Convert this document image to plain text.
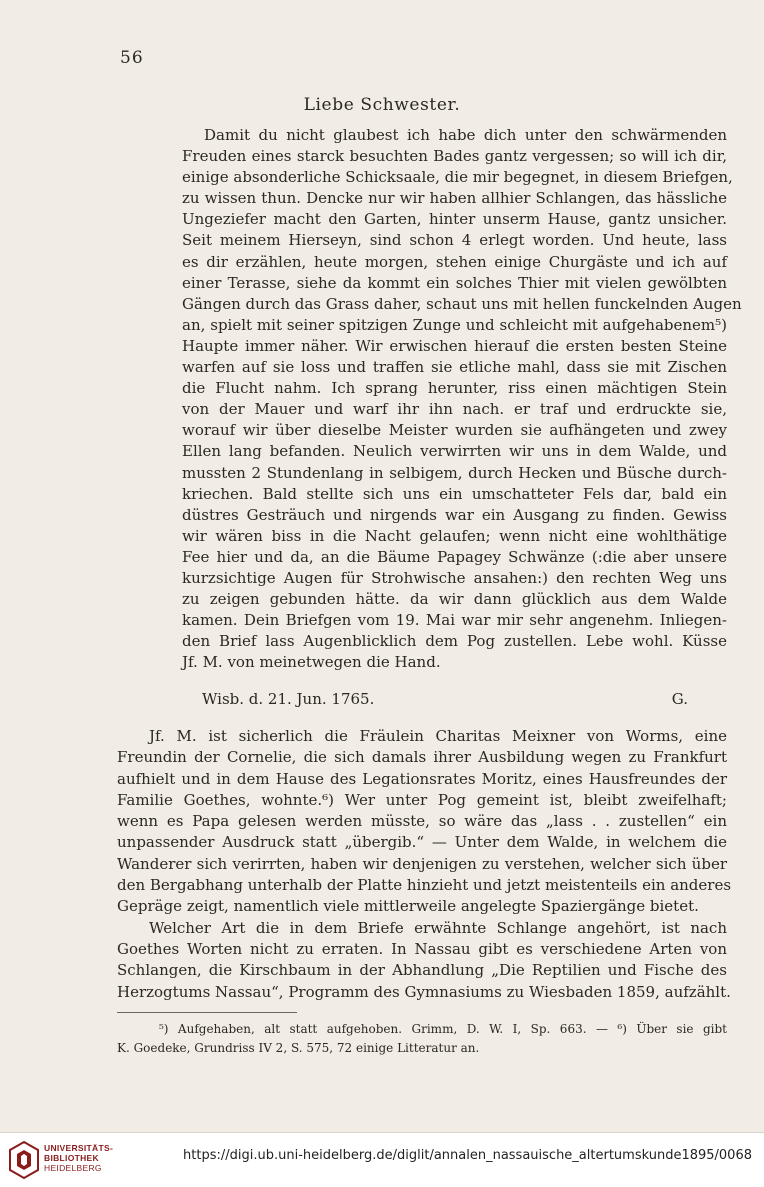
56
Liebe Schwester.
Damit du nicht glaubest ich habe dich unter den schwärmenden
Freuden eines starck besuchten Bades gantz vergessen; so will ich dir,
einige absonderliche Schicksaale, die mir begegnet, in diesem Briefgen,
zu wissen thun. Dencke nur wir haben allhier Schlangen, das hässliche
Ungeziefer macht den Garten, hinter unserm Hause, gantz unsicher.
Seit meinem Hierseyn, sind schon 4 erlegt worden. Und heute, lass
es dir erzählen, heute morgen, stehen einige Churgäste und ich auf
einer Terasse, siehe da kommt ein solches Thier mit vielen gewölbten
Gängen durch das Grass daher, schaut uns mit hellen funckelnden Augen
an, spielt mit seiner spitzigen Zunge und schleicht mit aufgehabenem⁵)
Haupte immer näher. Wir erwischen hierauf die ersten besten Steine
warfen auf sie loss und traffen sie etliche mahl, dass sie mit Zischen
die Flucht nahm. Ich sprang herunter, riss einen mächtigen Stein
von der Mauer und warf ihr ihn nach. er traf und erdruckte sie,
worauf wir über dieselbe Meister wurden sie aufhängeten und zwey
Ellen lang befanden. Neulich verwirrten wir uns in dem Walde, und
mussten 2 Stundenlang in selbigem, durch Hecken und Büsche durch-
kriechen. Bald stellte sich uns ein umschatteter Fels dar, bald ein
düstres Gesträuch und nirgends war ein Ausgang zu finden. Gewiss
wir wären biss in die Nacht gelaufen; wenn nicht eine wohlthätige
Fee hier und da, an die Bäume Papagey Schwänze (:die aber unsere
kurzsichtige Augen für Strohwische ansahen:) den rechten Weg uns
zu zeigen gebunden hätte. da wir dann glücklich aus dem Walde
kamen. Dein Briefgen vom 19. Mai war mir sehr angenehm. Inliegen-
den Brief lass Augenblicklich dem Pog zustellen. Lebe wohl. Küsse
Jf. M. von meinetwegen die Hand.
Wisb. d. 21. Jun. 1765.	G.
Jf. M. ist sicherlich die Fräulein Charitas Meixner von Worms, eine
Freundin der Cornelie, die sich damals ihrer Ausbildung wegen zu Frankfurt
aufhielt und in dem Hause des Legationsrates Moritz, eines Hausfreundes der
Familie Goethes, wohnte.⁶) Wer unter Pog gemeint ist, bleibt zweifelhaft;
wenn es Papa gelesen werden müsste, so wäre das „lass . . zustellen“ ein
unpassender Ausdruck statt „übergib.“ — Unter dem Walde, in welchem die
Wanderer sich verirrten, haben wir denjenigen zu verstehen, welcher sich über
den Bergabhang unterhalb der Platte hinzieht und jetzt meistenteils ein anderes
Gepräge zeigt, namentlich viele mittlerweile angelegte Spaziergänge bietet.
Welcher Art die in dem Briefe erwähnte Schlange angehört, ist nach
Goethes Worten nicht zu erraten. In Nassau gibt es verschiedene Arten von
Schlangen, die Kirschbaum in der Abhandlung „Die Reptilien und Fische des
Herzogtums Nassau“, Programm des Gymnasiums zu Wiesbaden 1859, aufzählt.
⁵) Aufgehaben, alt statt aufgehoben. Grimm, D. W. I, Sp. 663. — ⁶) Über sie gibt
K. Goedeke, Grundriss IV 2, S. 575, 72 einige Litteratur an.
UNIVERSITÄTS-
BIBLIOTHEK
HEIDELBERG
https://digi.ub.uni-heidelberg.de/diglit/annalen_nassauische_altertumskunde1895/0068
